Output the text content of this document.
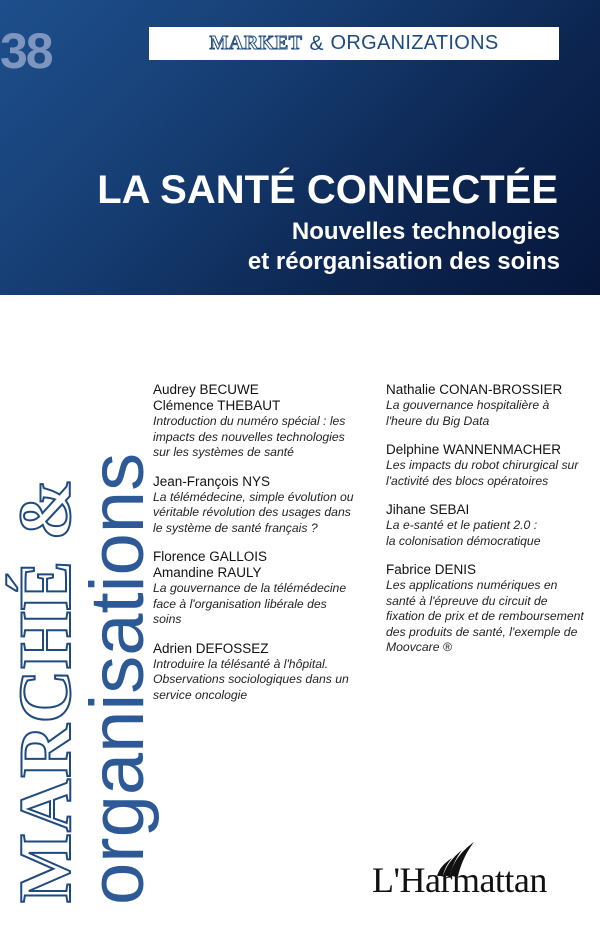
38	MARKET & ORGANIZATIONS
LA SANTÉ CONNECTÉE
Nouvelles technologies
et réorganisation des soins
MARCHÉ &
organisations
Audrey BECUWE
Clémence THEBAUT
Introduction du numéro spécial : les
impacts des nouvelles technologies
sur les systèmes de santé
Jean-François NYS
La télémédecine, simple évolution ou
véritable révolution des usages dans
le système de santé français ?
Florence GALLOIS
Amandine RAULY
La gouvernance de la télémédecine
face à l'organisation libérale des
soins
Adrien DEFOSSEZ
Introduire la télésanté à l'hôpital.
Observations sociologiques dans un
service oncologie
Nathalie CONAN-BROSSIER
La gouvernance hospitalière à
l'heure du Big Data
Delphine WANNENMACHER
Les impacts du robot chirurgical sur
l'activité des blocs opératoires
Jihane SEBAI
La e-santé et le patient 2.0 :
la colonisation démocratique
Fabrice DENIS
Les applications numériques en
santé à l'épreuve du circuit de
fixation de prix et de remboursement
des produits de santé, l'exemple de
Moovcare ®
L'Harmattan
